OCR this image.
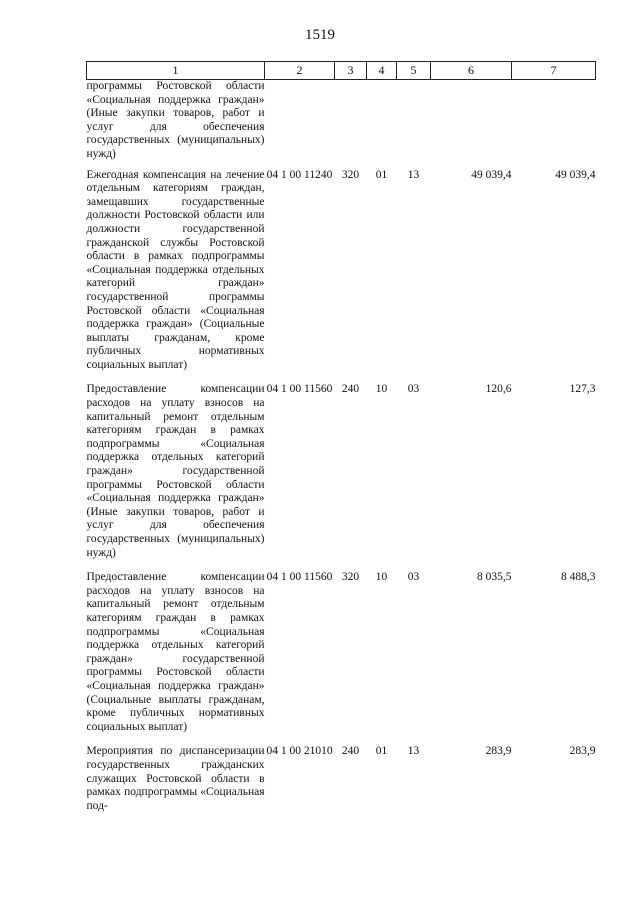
1519
1	2	3	4	5	6	7
программы Ростовской области «Социальная поддержка граждан» (Иные закупки товаров, работ и услуг для обеспечения государственных (муниципальных) нужд)						
Ежегодная компенсация на лечение отдельным категориям граждан, замещавших государственные должности Ростовской области или должности государственной гражданской службы Ростовской области в рамках подпрограммы «Социальная поддержка отдельных категорий граждан» государственной программы Ростовской области «Социальная поддержка граждан» (Социальные выплаты гражданам, кроме публичных нормативных социальных выплат)	04 1 00 11240	320	01	13	49 039,4	49 039,4
Предоставление компенсации расходов на уплату взносов на капитальный ремонт отдельным категориям граждан в рамках подпрограммы «Социальная поддержка отдельных категорий граждан» государственной программы Ростовской области «Социальная поддержка граждан» (Иные закупки товаров, работ и услуг для обеспечения государственных (муниципальных) нужд)	04 1 00 11560	240	10	03	120,6	127,3
Предоставление компенсации расходов на уплату взносов на капитальный ремонт отдельным категориям граждан в рамках подпрограммы «Социальная поддержка отдельных категорий граждан» государственной программы Ростовской области «Социальная поддержка граждан» (Социальные выплаты гражданам, кроме публичных нормативных социальных выплат)	04 1 00 11560	320	10	03	8 035,5	8 488,3
Мероприятия по диспансеризации государственных гражданских служащих Ростовской области в рамках подпрограммы «Социальная под-	04 1 00 21010	240	01	13	283,9	283,9
